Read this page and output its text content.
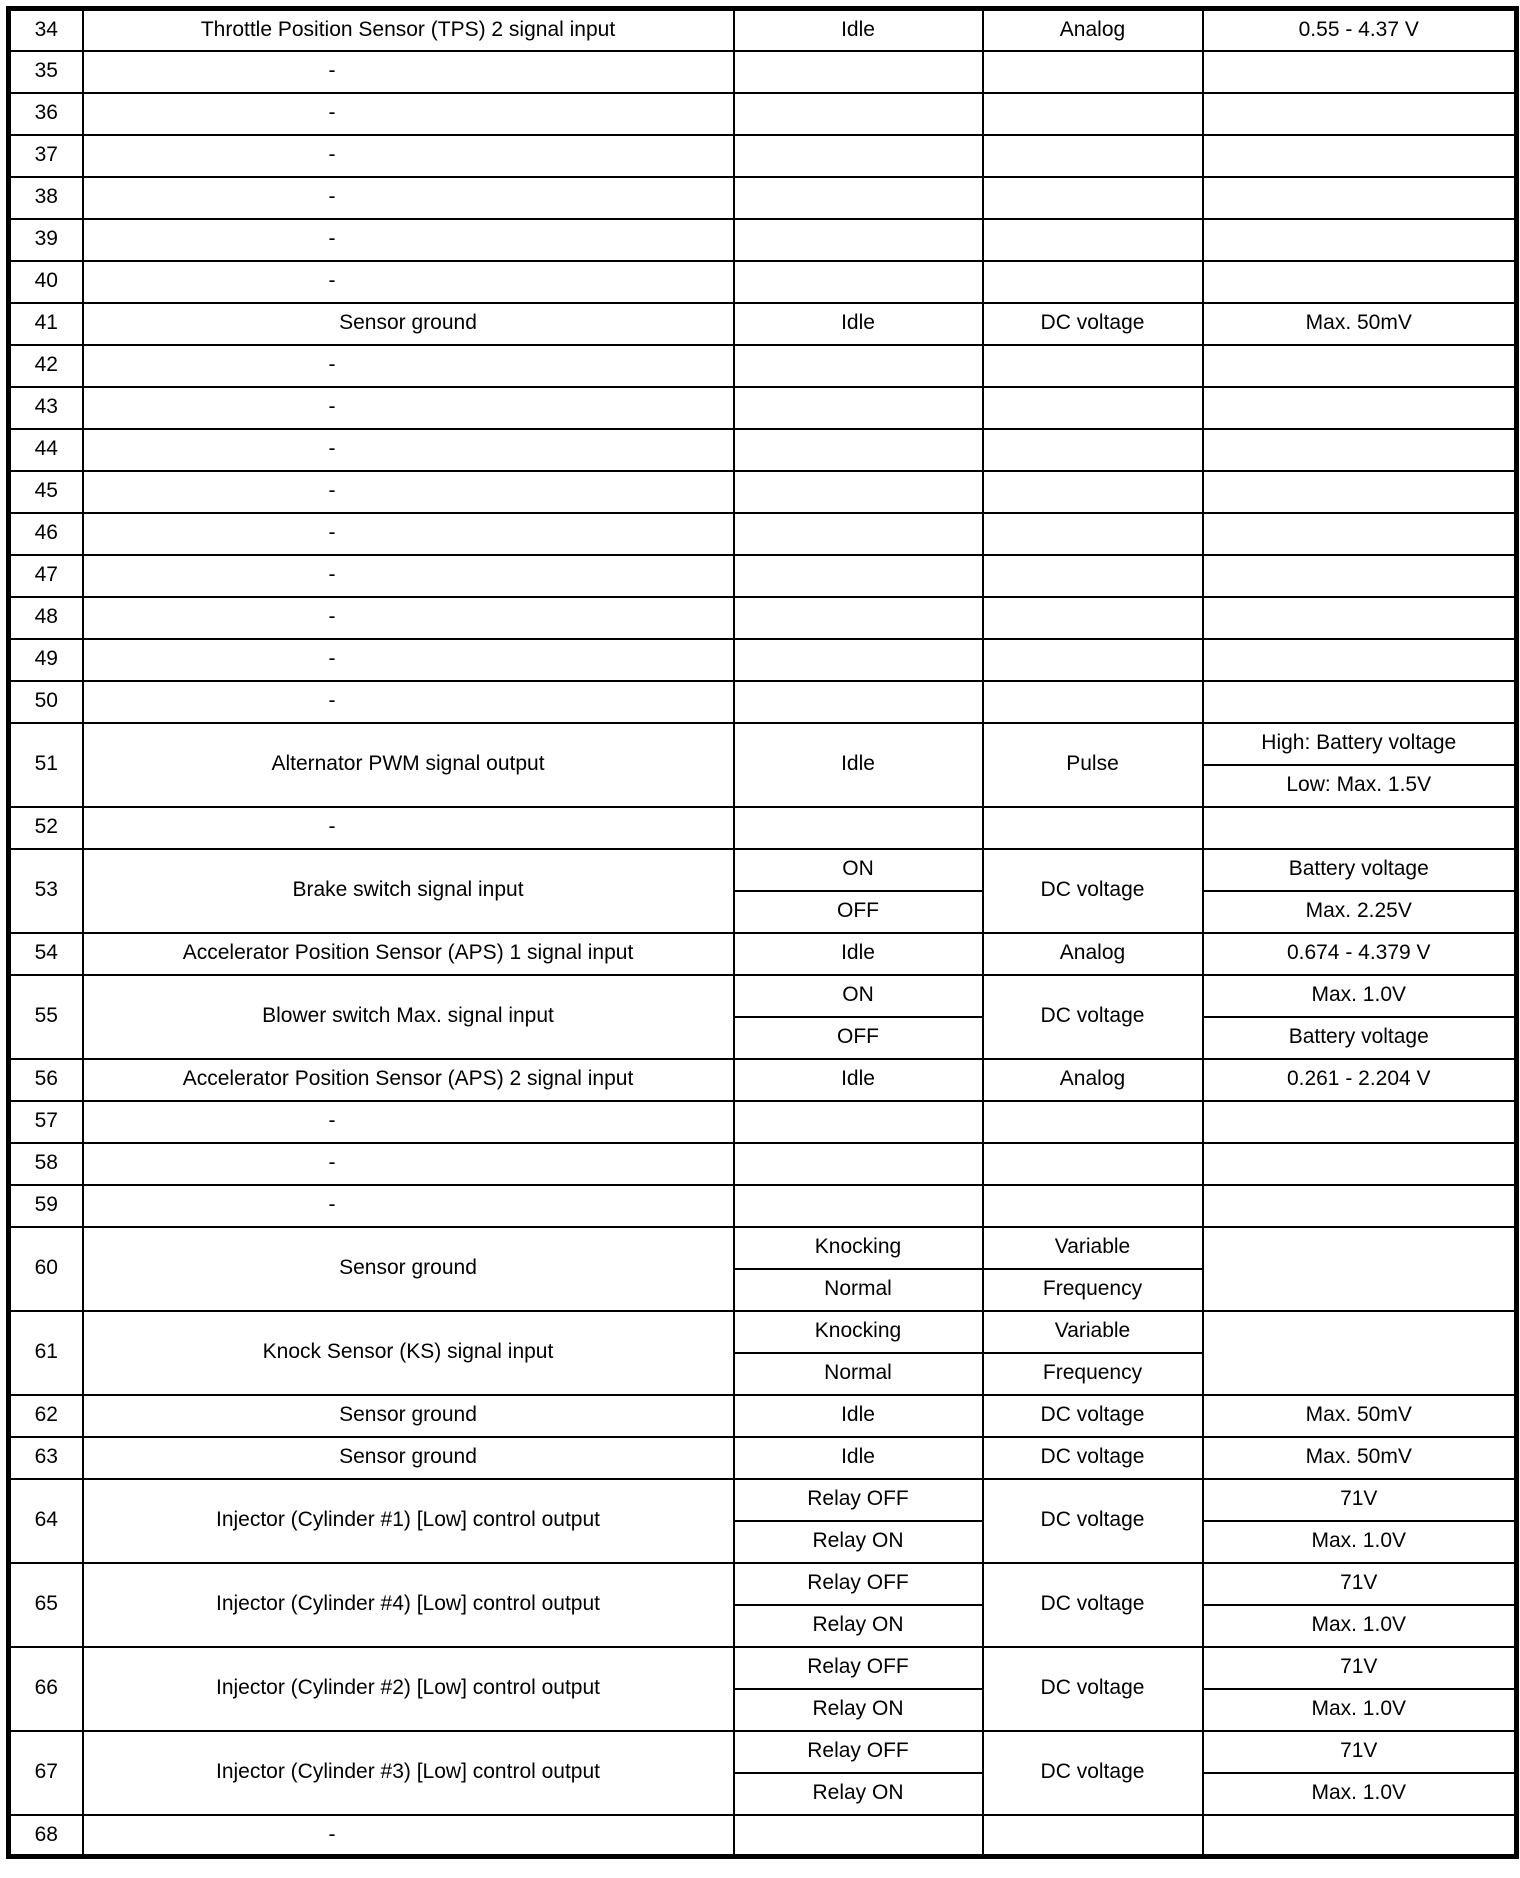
34	Throttle Position Sensor (TPS) 2 signal input	Idle	Analog	0.55 - 4.37 V
35	-			
36	-			
37	-			
38	-			
39	-			
40	-			
41	Sensor ground	Idle	DC voltage	Max. 50mV
42	-			
43	-			
44	-			
45	-			
46	-			
47	-			
48	-			
49	-			
50	-			
51	Alternator PWM signal output	Idle	Pulse	High: Battery voltage
				Low: Max. 1.5V
52	-			
53	Brake switch signal input	ON	DC voltage	Battery voltage
		OFF		Max. 2.25V
54	Accelerator Position Sensor (APS) 1 signal input	Idle	Analog	0.674 - 4.379 V
55	Blower switch Max. signal input	ON	DC voltage	Max. 1.0V
		OFF		Battery voltage
56	Accelerator Position Sensor (APS) 2 signal input	Idle	Analog	0.261 - 2.204 V
57	-			
58	-			
59	-			
60	Sensor ground	Knocking	Variable	
		Normal	Frequency	
61	Knock Sensor (KS) signal input	Knocking	Variable	
		Normal	Frequency	
62	Sensor ground	Idle	DC voltage	Max. 50mV
63	Sensor ground	Idle	DC voltage	Max. 50mV
64	Injector (Cylinder #1) [Low] control output	Relay OFF	DC voltage	71V
		Relay ON		Max. 1.0V
65	Injector (Cylinder #4) [Low] control output	Relay OFF	DC voltage	71V
		Relay ON		Max. 1.0V
66	Injector (Cylinder #2) [Low] control output	Relay OFF	DC voltage	71V
		Relay ON		Max. 1.0V
67	Injector (Cylinder #3) [Low] control output	Relay OFF	DC voltage	71V
		Relay ON		Max. 1.0V
68	-			
